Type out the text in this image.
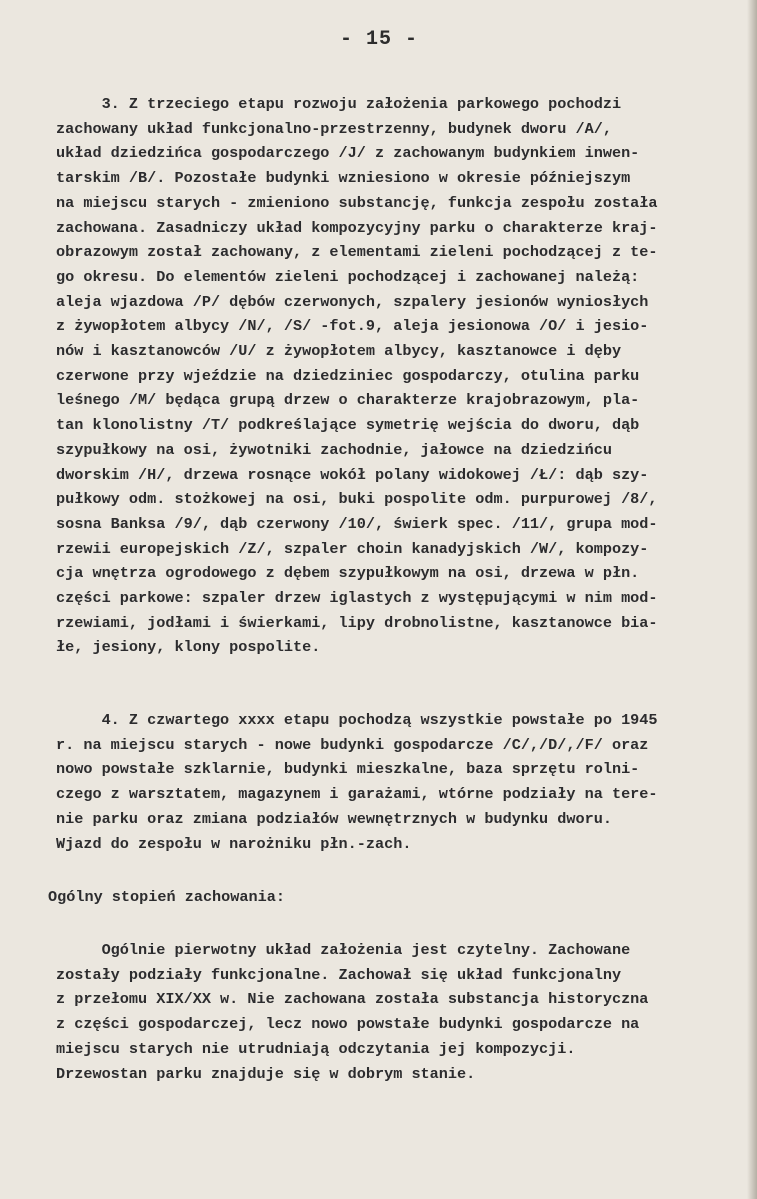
- 15 -
3. Z trzeciego etapu rozwoju założenia parkowego pochodzi
zachowany układ funkcjonalno-przestrzenny, budynek dworu /A/,
układ dziedzińca gospodarczego /J/ z zachowanym budynkiem inwen-
tarskim /B/. Pozostałe budynki wzniesiono w okresie późniejszym
na miejscu starych - zmieniono substancję, funkcja zespołu została
zachowana. Zasadniczy układ kompozycyjny parku o charakterze kraj-
obrazowym został zachowany, z elementami zieleni pochodzącej z te-
go okresu. Do elementów zieleni pochodzącej i zachowanej należą:
aleja wjazdowa /P/ dębów czerwonych, szpalery jesionów wyniosłych
z żywopłotem albycy /N/, /S/ -fot.9, aleja jesionowa /O/ i jesio-
nów i kasztanowców /U/ z żywopłotem albycy, kasztanowce i dęby
czerwone przy wjeździe na dziedziniec gospodarczy, otulina parku
leśnego /M/ będąca grupą drzew o charakterze krajobrazowym, pla-
tan klonolistny /T/ podkreślające symetrię wejścia do dworu, dąb
szypułkowy na osi, żywotniki zachodnie, jałowce na dziedzińcu
dworskim /H/, drzewa rosnące wokół polany widokowej /Ł/: dąb szy-
pułkowy odm. stożkowej na osi, buki pospolite odm. purpurowej /8/,
sosna Banksa /9/, dąb czerwony /10/, świerk spec. /11/, grupa mod-
rzewii europejskich /Z/, szpaler choin kanadyjskich /W/, kompozy-
cja wnętrza ogrodowego z dębem szypułkowym na osi, drzewa w płn.
części parkowe: szpaler drzew iglastych z występującymi w nim mod-
rzewiami, jodłami i świerkami, lipy drobnolistne, kasztanowce bia-
łe, jesiony, klony pospolite.
4. Z czwartego xxxx etapu pochodzą wszystkie powstałe po 1945
r. na miejscu starych - nowe budynki gospodarcze /C/,/D/,/F/ oraz
nowo powstałe szklarnie, budynki mieszkalne, baza sprzętu rolni-
czego z warsztatem, magazynem i garażami, wtórne podziały na tere-
nie parku oraz zmiana podziałów wewnętrznych w budynku dworu.
Wjazd do zespołu w narożniku płn.-zach.
Ogólny stopień zachowania:
Ogólnie pierwotny układ założenia jest czytelny. Zachowane
zostały podziały funkcjonalne. Zachował się układ funkcjonalny
z przełomu XIX/XX w. Nie zachowana została substancja historyczna
z części gospodarczej, lecz nowo powstałe budynki gospodarcze na
miejscu starych nie utrudniają odczytania jej kompozycji.
Drzewostan parku znajduje się w dobrym stanie.
